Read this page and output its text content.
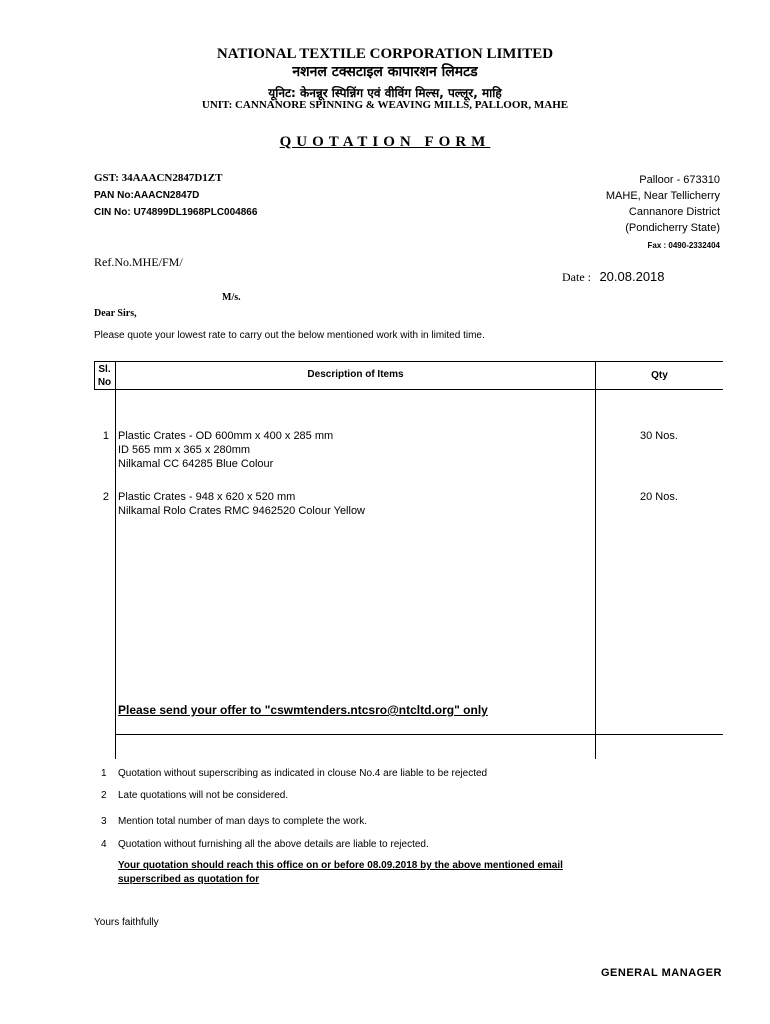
NATIONAL TEXTILE CORPORATION LIMITED
नशनल टक्सटाइल कापारशन लिमटड
यूनिट: केनन्नूर स्पिन्निंग एवं वीविंग मिल्स, पल्लूर, माहि
UNIT: CANNANORE SPINNING & WEAVING MILLS, PALLOOR, MAHE
QUOTATION FORM
GST: 34AAACN2847D1ZT
PAN No:AAACN2847D
CIN No: U74899DL1968PLC004866
Palloor - 673310
MAHE, Near Tellicherry
Cannanore District
(Pondicherry State)
Fax : 0490-2332404
Ref.No.MHE/FM/
Date : 20.08.2018
M/s.
Dear Sirs,
Please quote your lowest rate to carry out the below mentioned work with in limited time.
Sl.
No
Description of Items	Qty
1 Plastic Crates - OD 600mm x 400 x 285 mm
ID 565 mm x 365 x 280mm
Nilkamal CC 64285 Blue Colour
30 Nos.
2 Plastic Crates - 948 x 620 x 520 mm
Nilkamal Rolo Crates RMC 9462520 Colour Yellow
20 Nos.
Please send your offer to "cswmtenders.ntcsro@ntcltd.org" only
1 Quotation without superscribing as indicated in clouse No.4 are liable to be rejected
2 Late quotations will not be considered.
3 Mention total number of man days to complete the work.
4 Quotation without furnishing all the above details are liable to rejected.
Your quotation should reach this office on or before 08.09.2018 by the above mentioned email
superscribed as quotation for
Yours faithfully
GENERAL MANAGER
